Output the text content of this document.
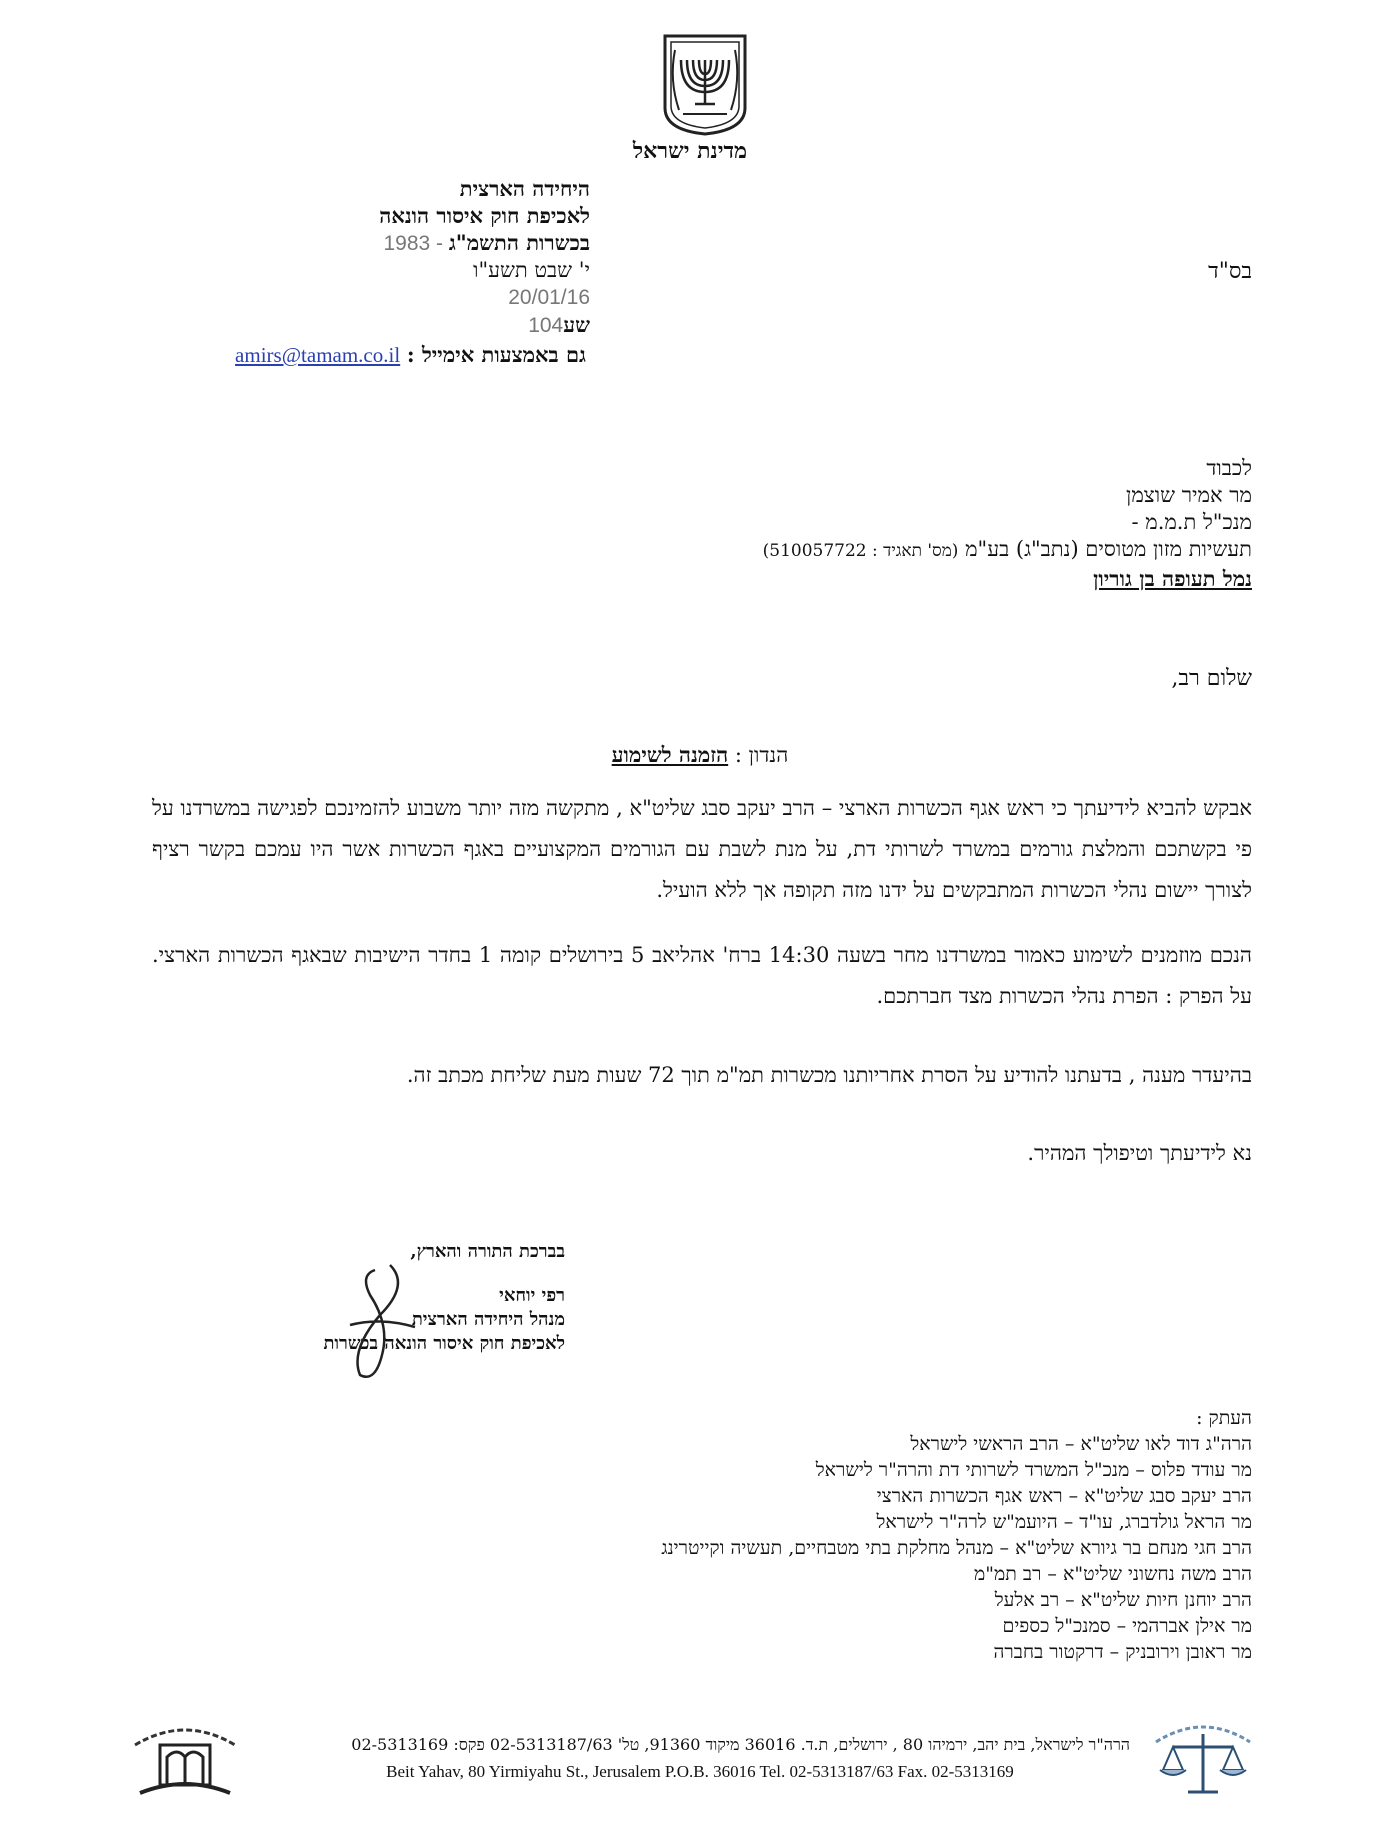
מדינת ישראל
היחידה הארצית
לאכיפת חוק איסור הונאה
בכשרות התשמ"ג - 1983
י' שבט תשע"ו
20/01/16
שע104
גם באמצעות אימייל : amirs@tamam.co.il
בס"ד
לכבוד
מר אמיר שוצמן
מנכ"ל ת.מ.מ -
תעשיות מזון מטוסים (נתב"ג) בע"מ (מס' תאגיד : 510057722)
נמל תעופה בן גוריון
שלום רב,
הנדון : הזמנה לשימוע
אבקש להביא לידיעתך כי ראש אגף הכשרות הארצי – הרב יעקב סבג שליט"א , מתקשה מזה יותר משבוע להזמינכם לפגישה במשרדנו על פי בקשתכם והמלצת גורמים במשרד לשרותי דת, על מנת לשבת עם הגורמים המקצועיים באגף הכשרות אשר היו עמכם בקשר רציף לצורך יישום נהלי הכשרות המתבקשים על ידנו מזה תקופה אך ללא הועיל.
הנכם מוזמנים לשימוע כאמור במשרדנו מחר בשעה 14:30 ברח' אהליאב 5 בירושלים קומה 1 בחדר הישיבות שבאגף הכשרות הארצי. על הפרק : הפרת נהלי הכשרות מצד חברתכם.
בהיעדר מענה , בדעתנו להודיע על הסרת אחריותנו מכשרות תמ"מ תוך 72 שעות מעת שליחת מכתב זה.
נא לידיעתך וטיפולך המהיר.
בברכת התורה והארץ,
רפי יוחאי
מנהל היחידה הארצית
לאכיפת חוק איסור הונאה בכשרות
העתק :
הרה"ג דוד לאו שליט"א – הרב הראשי לישראל
מר עודד פלוס – מנכ"ל המשרד לשרותי דת והרה"ר לישראל
הרב יעקב סבג שליט"א – ראש אגף הכשרות הארצי
מר הראל גולדברג, עו"ד – היועמ"ש לרה"ר לישראל
הרב חגי מנחם בר גיורא שליט"א – מנהל מחלקת בתי מטבחיים, תעשיה וקייטרינג
הרב משה נחשוני שליט"א – רב תמ"מ
הרב יוחנן חיות שליט"א – רב אלעל
מר אילן אברהמי – סמנכ"ל כספים
מר ראובן וירובניק – דרקטור בחברה
הרה"ר לישראל, בית יהב, ירמיהו 80 , ירושלים, ת.ד. 36016 מיקוד 91360, טל' 02-5313187/63 פקס: 02-5313169
Beit Yahav, 80 Yirmiyahu St., Jerusalem P.O.B. 36016 Tel. 02-5313187/63 Fax. 02-5313169
